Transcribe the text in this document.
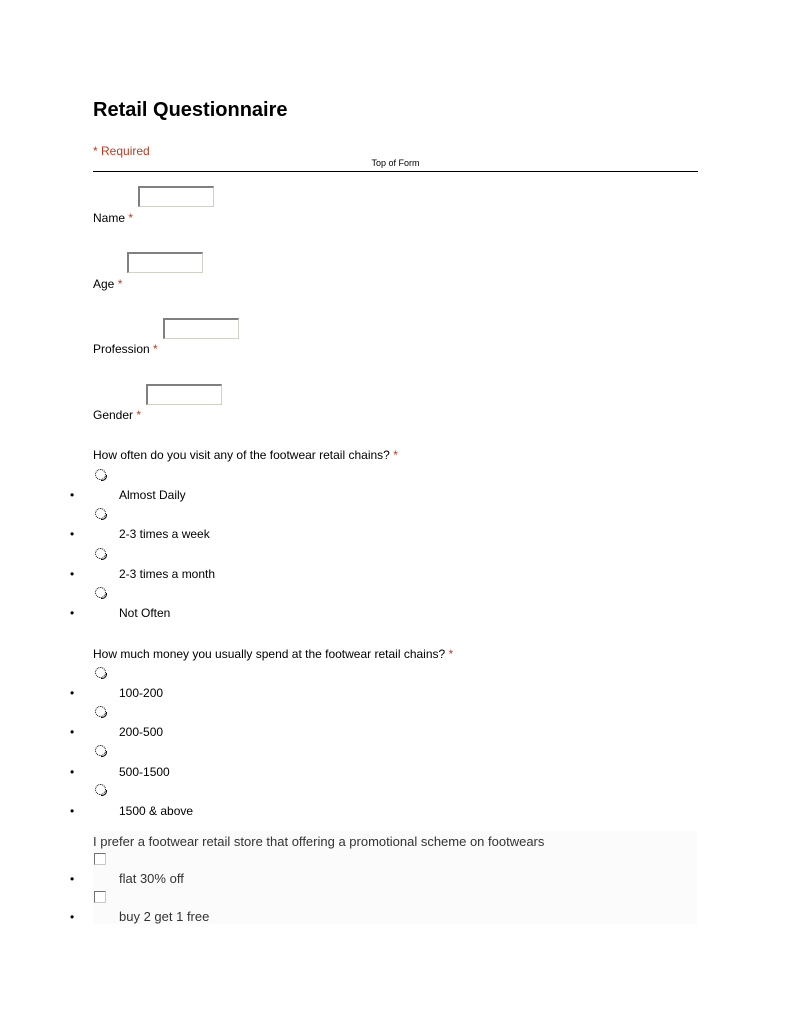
Retail Questionnaire
* Required
Top of Form
Name *
Age *
Profession *
Gender *
How often do you visit any of the footwear retail chains? *
•	Almost Daily
•	2-3 times a week
•	2-3 times a month
•	Not Often
How much money you usually spend at the footwear retail chains? *
•	100-200
•	200-500
•	500-1500
•	1500 & above
I prefer a footwear retail store that offering a promotional scheme on footwears
•	flat 30% off
•	buy 2 get 1 free
